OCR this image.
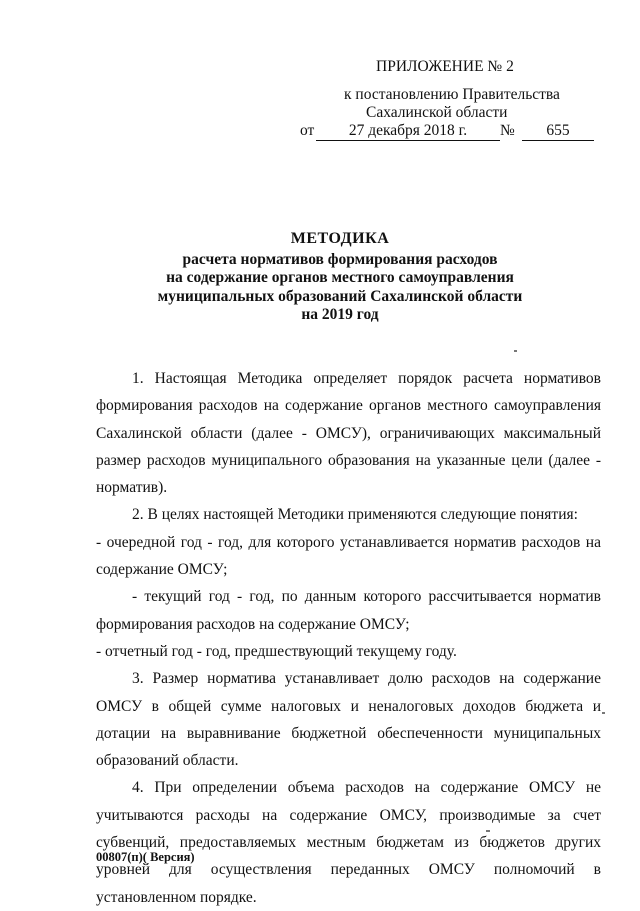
ПРИЛОЖЕНИЕ № 2
к постановлению Правительства
Сахалинской области
от	27 декабря 2018 г.	№	655
МЕТОДИКА
расчета нормативов формирования расходов
на содержание органов местного самоуправления
муниципальных образований Сахалинской области
на 2019 год

1. Настоящая Методика определяет порядок расчета нормативов формирования расходов на содержание органов местного самоуправления Сахалинской области (далее - ОМСУ), ограничивающих максимальный размер расходов муниципального образования на указанные цели (далее - норматив).

2. В целях настоящей Методики применяются следующие понятия:

- очередной год - год, для которого устанавливается норматив расходов на содержание ОМСУ;

- текущий год - год, по данным которого рассчитывается норматив формирования расходов на содержание ОМСУ;

- отчетный год - год, предшествующий текущему году.

3. Размер норматива устанавливает долю расходов на содержание ОМСУ в общей сумме налоговых и неналоговых доходов бюджета и дотации на выравнивание бюджетной обеспеченности муниципальных образований области.

4. При определении объема расходов на содержание ОМСУ не учитываются расходы на содержание ОМСУ, производимые за счет субвенций, предоставляемых местным бюджетам из бюджетов других уровней для осуществления переданных ОМСУ полномочий в установленном порядке.

00807(п)( Версия)
